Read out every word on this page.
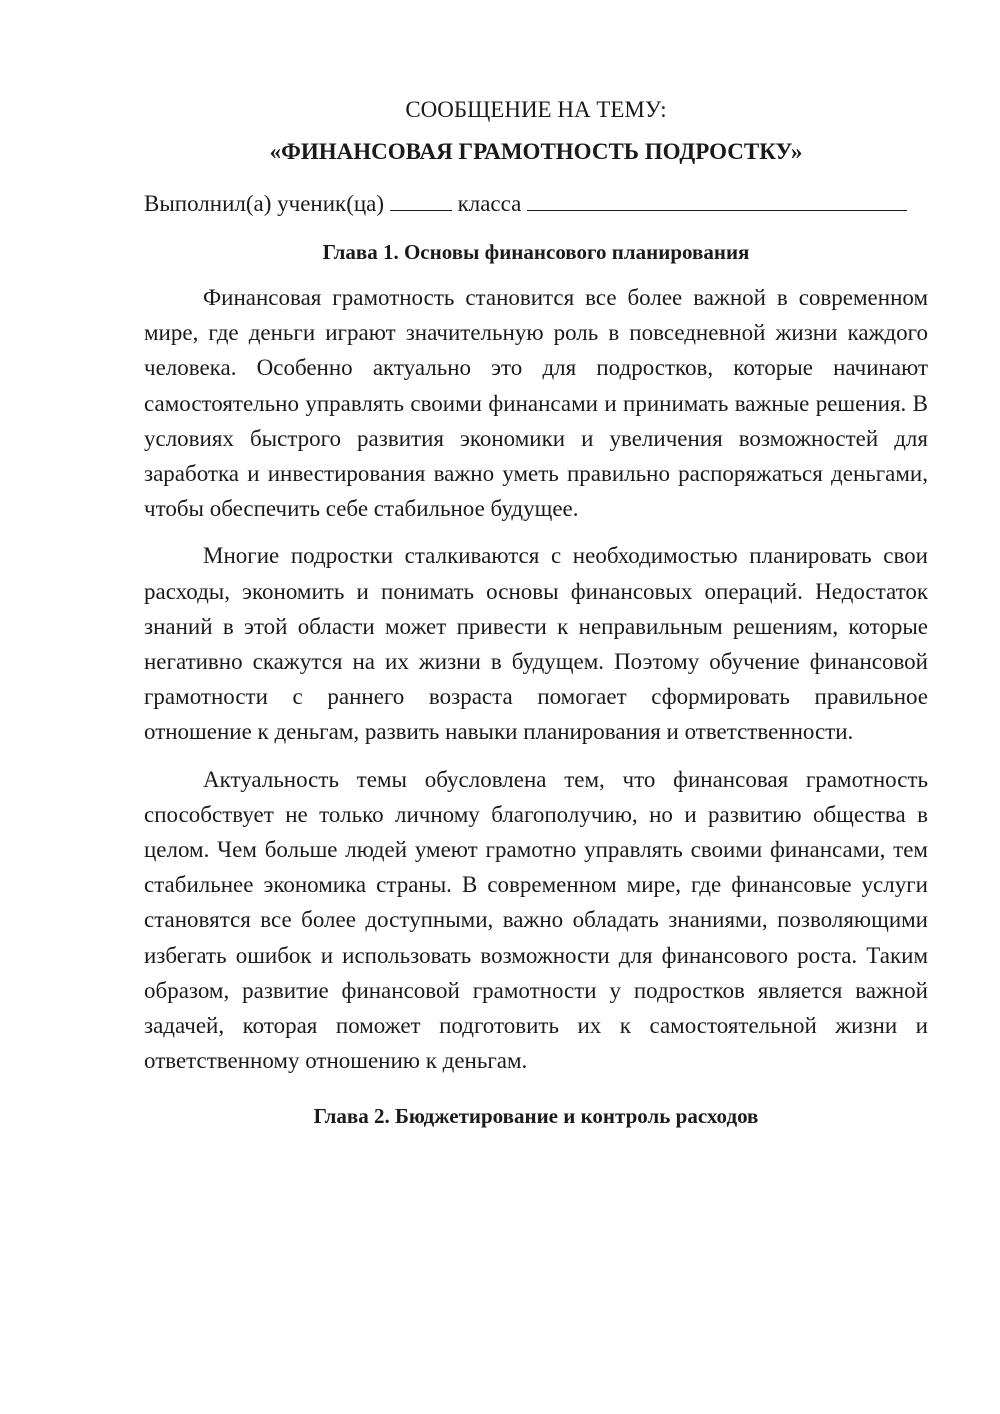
СООБЩЕНИЕ НА ТЕМУ:
«ФИНАНСОВАЯ ГРАМОТНОСТЬ ПОДРОСТКУ»

Выполнил(а) ученик(ца)	класса

Глава 1. Основы финансового планирования

Финансовая грамотность становится все более важной в современном мире, где деньги играют значительную роль в повседневной жизни каждого человека. Особенно актуально это для подростков, которые начинают самостоятельно управлять своими финансами и принимать важные решения. В условиях быстрого развития экономики и увеличения возможностей для заработка и инвестирования важно уметь правильно распоряжаться деньгами, чтобы обеспечить себе стабильное будущее.

Многие подростки сталкиваются с необходимостью планировать свои расходы, экономить и понимать основы финансовых операций. Недостаток знаний в этой области может привести к неправильным решениям, которые негативно скажутся на их жизни в будущем. Поэтому обучение финансовой грамотности с раннего возраста помогает сформировать правильное отношение к деньгам, развить навыки планирования и ответственности.

Актуальность темы обусловлена тем, что финансовая грамотность способствует не только личному благополучию, но и развитию общества в целом. Чем больше людей умеют грамотно управлять своими финансами, тем стабильнее экономика страны. В современном мире, где финансовые услуги становятся все более доступными, важно обладать знаниями, позволяющими избегать ошибок и использовать возможности для финансового роста. Таким образом, развитие финансовой грамотности у подростков является важной задачей, которая поможет подготовить их к самостоятельной жизни и ответственному отношению к деньгам.

Глава 2. Бюджетирование и контроль расходов
